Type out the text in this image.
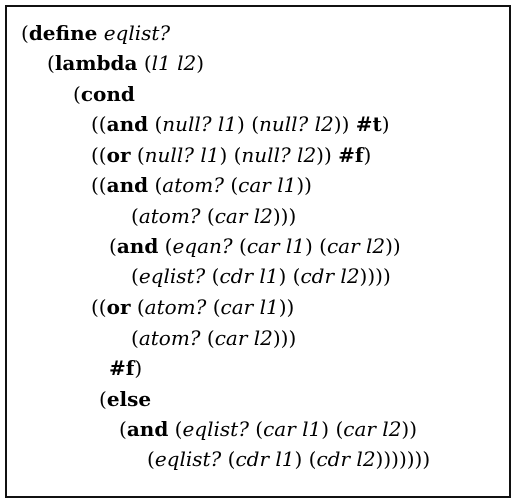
(define eqlist?
(lambda (l1 l2)
(cond
((and (null? l1) (null? l2)) #t)
((or (null? l1) (null? l2)) #f)
((and (atom? (car l1))
(atom? (car l2)))
(and (eqan? (car l1) (car l2))
(eqlist? (cdr l1) (cdr l2))))
((or (atom? (car l1))
(atom? (car l2)))
#f)
(else
(and (eqlist? (car l1) (car l2))
(eqlist? (cdr l1) (cdr l2)))))))
